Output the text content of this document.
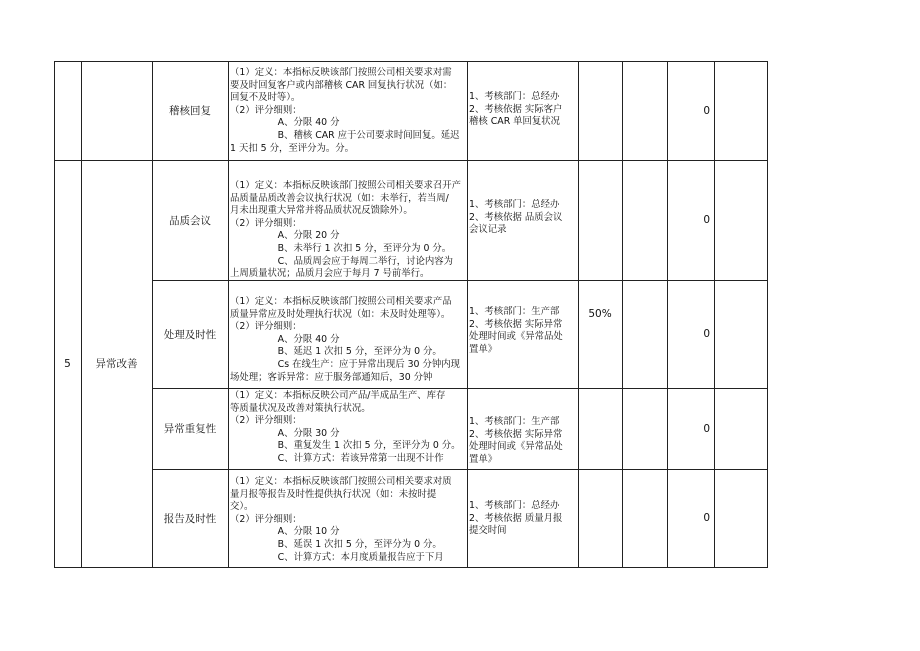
5	异常改善
50%
稽核回复
（1）定义：本指标反映该部门按照公司相关要求对需
要及时回复客户或内部稽核 CAR 回复执行状况（如：
回复不及时等）。
（2）评分细则：
A、分限 40 分
B、稽核 CAR 应于公司要求时间回复。延迟
1 天扣 5 分，至评分为。分。
1、考核部门：总经办
2、考核依据 实际客户
稽核 CAR 单回复状况
0
品质会议
（1）定义：本指标反映该部门按照公司相关要求召开产
品质量品质改善会议执行状况（如：未举行，若当周/
月未出现重大异常并将品质状况反馈除外）。
（2）评分细则：
A、分限 20 分
B、未举行 1 次扣 5 分，至评分为 0 分。
C、品质周会应于每周二举行，讨论内容为
上周质量状况；品质月会应于每月 7 号前举行。
1、考核部门：总经办
2、考核依据 品质会议
会议记录
0
处理及时性
（1）定义：本指标反映该部门按照公司相关要求产品
质量异常应及时处理执行状况（如：未及时处理等）。
（2）评分细则：
A、分限 40 分
B、延迟 1 次扣 5 分，至评分为 0 分。
Cs 在线生产：应于异常出现后 30 分钟内现
场处理；客诉异常：应于服务部通知后，30 分钟
1、考核部门：生产部
2、考核依据 实际异常
处理时间或《异常品处
置单》
0
异常重复性
（1）定义：本指标反映公司产品/半成品生产、库存
等质量状况及改善对策执行状况。
（2）评分细则：
A、分限 30 分
B、重复发生 1 次扣 5 分，至评分为 0 分。
C、计算方式：若该异常第一出现不计作
1、考核部门：生产部
2、考核依据 实际异常
处理时间或《异常品处
置单》
0
报告及时性
（1）定义：本指标反映该部门按照公司相关要求对质
量月报等报告及时性提供执行状况（如：未按时提
交）。
（2）评分细则：
A、分限 10 分
B、延误 1 次扣 5 分，至评分为 0 分。
C、计算方式：本月度质量报告应于下月
1、考核部门：总经办
2、考核依据 质量月报
提交时间
0
